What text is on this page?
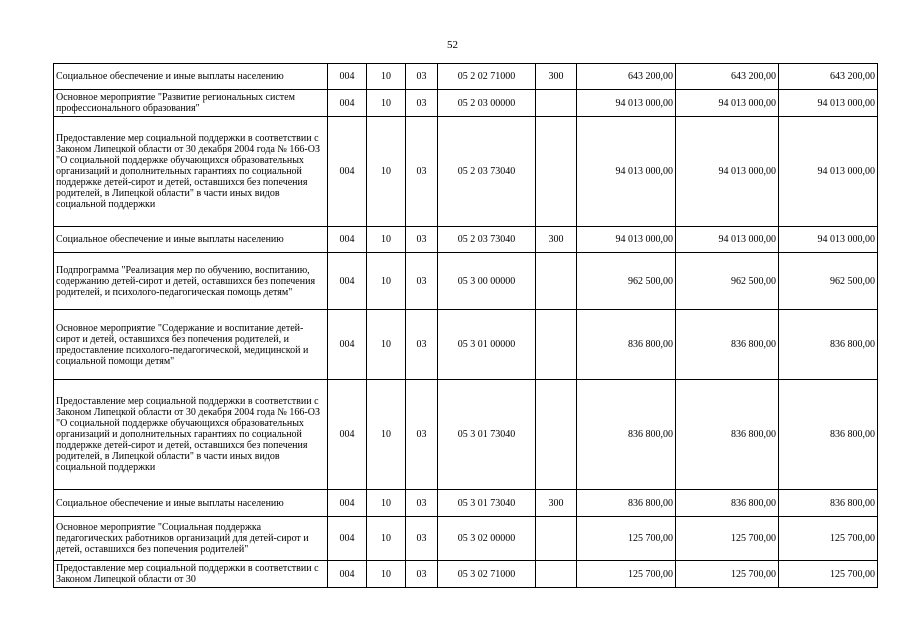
52
Социальное обеспечение и иные выплаты населению	004	10	03	05 2 02 71000	300	643 200,00	643 200,00	643 200,00
Основное мероприятие "Развитие региональных систем профессионального образования"	004	10	03	05 2 03 00000		94 013 000,00	94 013 000,00	94 013 000,00
Предоставление мер социальной поддержки в соответствии с Законом Липецкой области от 30 декабря 2004 года № 166-ОЗ "О социальной поддержке обучающихся образовательных организаций и дополнительных гарантиях по социальной поддержке детей-сирот и детей, оставшихся без попечения родителей, в Липецкой области" в части иных видов социальной поддержки	004	10	03	05 2 03 73040		94 013 000,00	94 013 000,00	94 013 000,00
Социальное обеспечение и иные выплаты населению	004	10	03	05 2 03 73040	300	94 013 000,00	94 013 000,00	94 013 000,00
Подпрограмма "Реализация мер по обучению, воспитанию, содержанию детей-сирот и детей, оставшихся без попечения родителей, и психолого-педагогическая помощь детям"	004	10	03	05 3 00 00000		962 500,00	962 500,00	962 500,00
Основное мероприятие "Содержание и воспитание детей-сирот и детей, оставшихся без попечения родителей, и предоставление психолого-педагогической, медицинской и социальной помощи детям"	004	10	03	05 3 01 00000		836 800,00	836 800,00	836 800,00
Предоставление мер социальной поддержки в соответствии с Законом Липецкой области от 30 декабря 2004 года № 166-ОЗ "О социальной поддержке обучающихся образовательных организаций и дополнительных гарантиях по социальной поддержке детей-сирот и детей, оставшихся без попечения родителей, в Липецкой области" в части иных видов социальной поддержки	004	10	03	05 3 01 73040		836 800,00	836 800,00	836 800,00
Социальное обеспечение и иные выплаты населению	004	10	03	05 3 01 73040	300	836 800,00	836 800,00	836 800,00
Основное мероприятие "Социальная поддержка педагогических работников организаций для детей-сирот и детей, оставшихся без попечения родителей"	004	10	03	05 3 02 00000		125 700,00	125 700,00	125 700,00
Предоставление мер социальной поддержки в соответствии с Законом Липецкой области от 30	004	10	03	05 3 02 71000		125 700,00	125 700,00	125 700,00
